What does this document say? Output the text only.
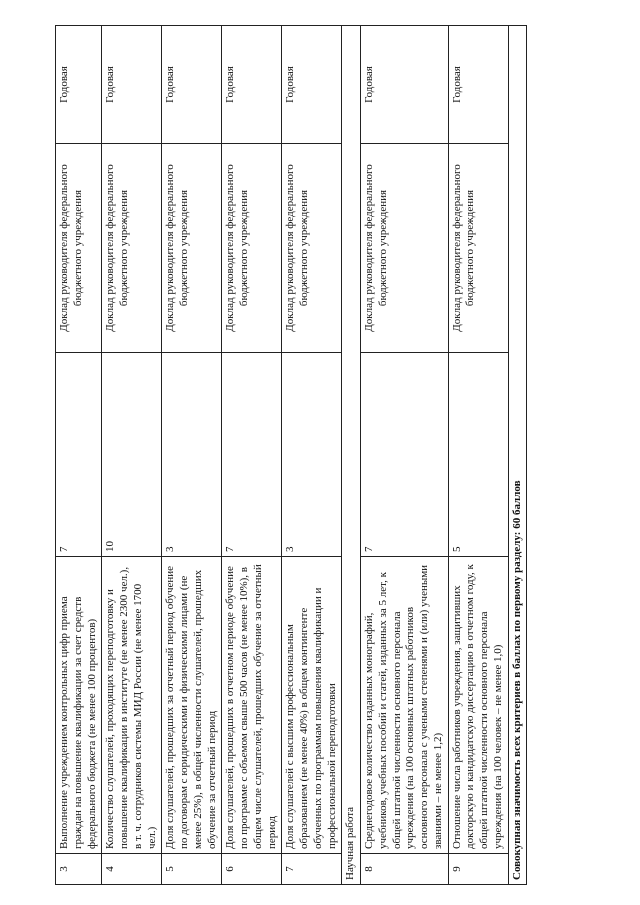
3	Выполнение учреждением контрольных цифр приема граждан на повышение квалификации за счет средств федерального бюджета (не менее 100 процентов)	7	Доклад руководителя федерального бюджетного учреждения	Годовая
4	Количество слушателей, проходящих переподготовку и повышение квалификации в институте (не менее 2300 чел.), в т. ч. сотрудников системы МИД России (не менее 1700 чел.)	10	Доклад руководителя федерального бюджетного учреждения	Годовая
5	Доля слушателей, прошедших за отчетный период обучение по договорам с юридическими и физическими лицами (не менее 25%), в общей численности слушателей, прошедших обучение за отчетный период	3	Доклад руководителя федерального бюджетного учреждения	Годовая
6	Доля слушателей, прошедших в отчетном периоде обучение по программе с объемом свыше 500 часов (не менее 10%), в общем числе слушателей, прошедших обучение за отчетный период	7	Доклад руководителя федерального бюджетного учреждения	Годовая
7	Доля слушателей с высшим профессиональным образованием (не менее 40%) в общем контингенте обученных по программам повышения квалификации и профессиональной переподготовки	3	Доклад руководителя федерального бюджетного учреждения	Годовая
Научная работа				
8	Среднегодовое количество изданных монографий, учебников, учебных пособий и статей, изданных за 5 лет, к общей штатной численности основного персонала учреждения (на 100 основных штатных работников основного персонала с учеными степенями и (или) учеными званиями – не менее 1,2)	7	Доклад руководителя федерального бюджетного учреждения	Годовая
9	Отношение числа работников учреждения, защитивших докторскую и кандидатскую диссертацию в отчетном году, к общей штатной численности основного персонала учреждения (на 100 человек – не менее 1,0)	5	Доклад руководителя федерального бюджетного учреждения	Годовая
Совокупная значимость всех критериев в баллах по первому разделу: 60 баллов				
